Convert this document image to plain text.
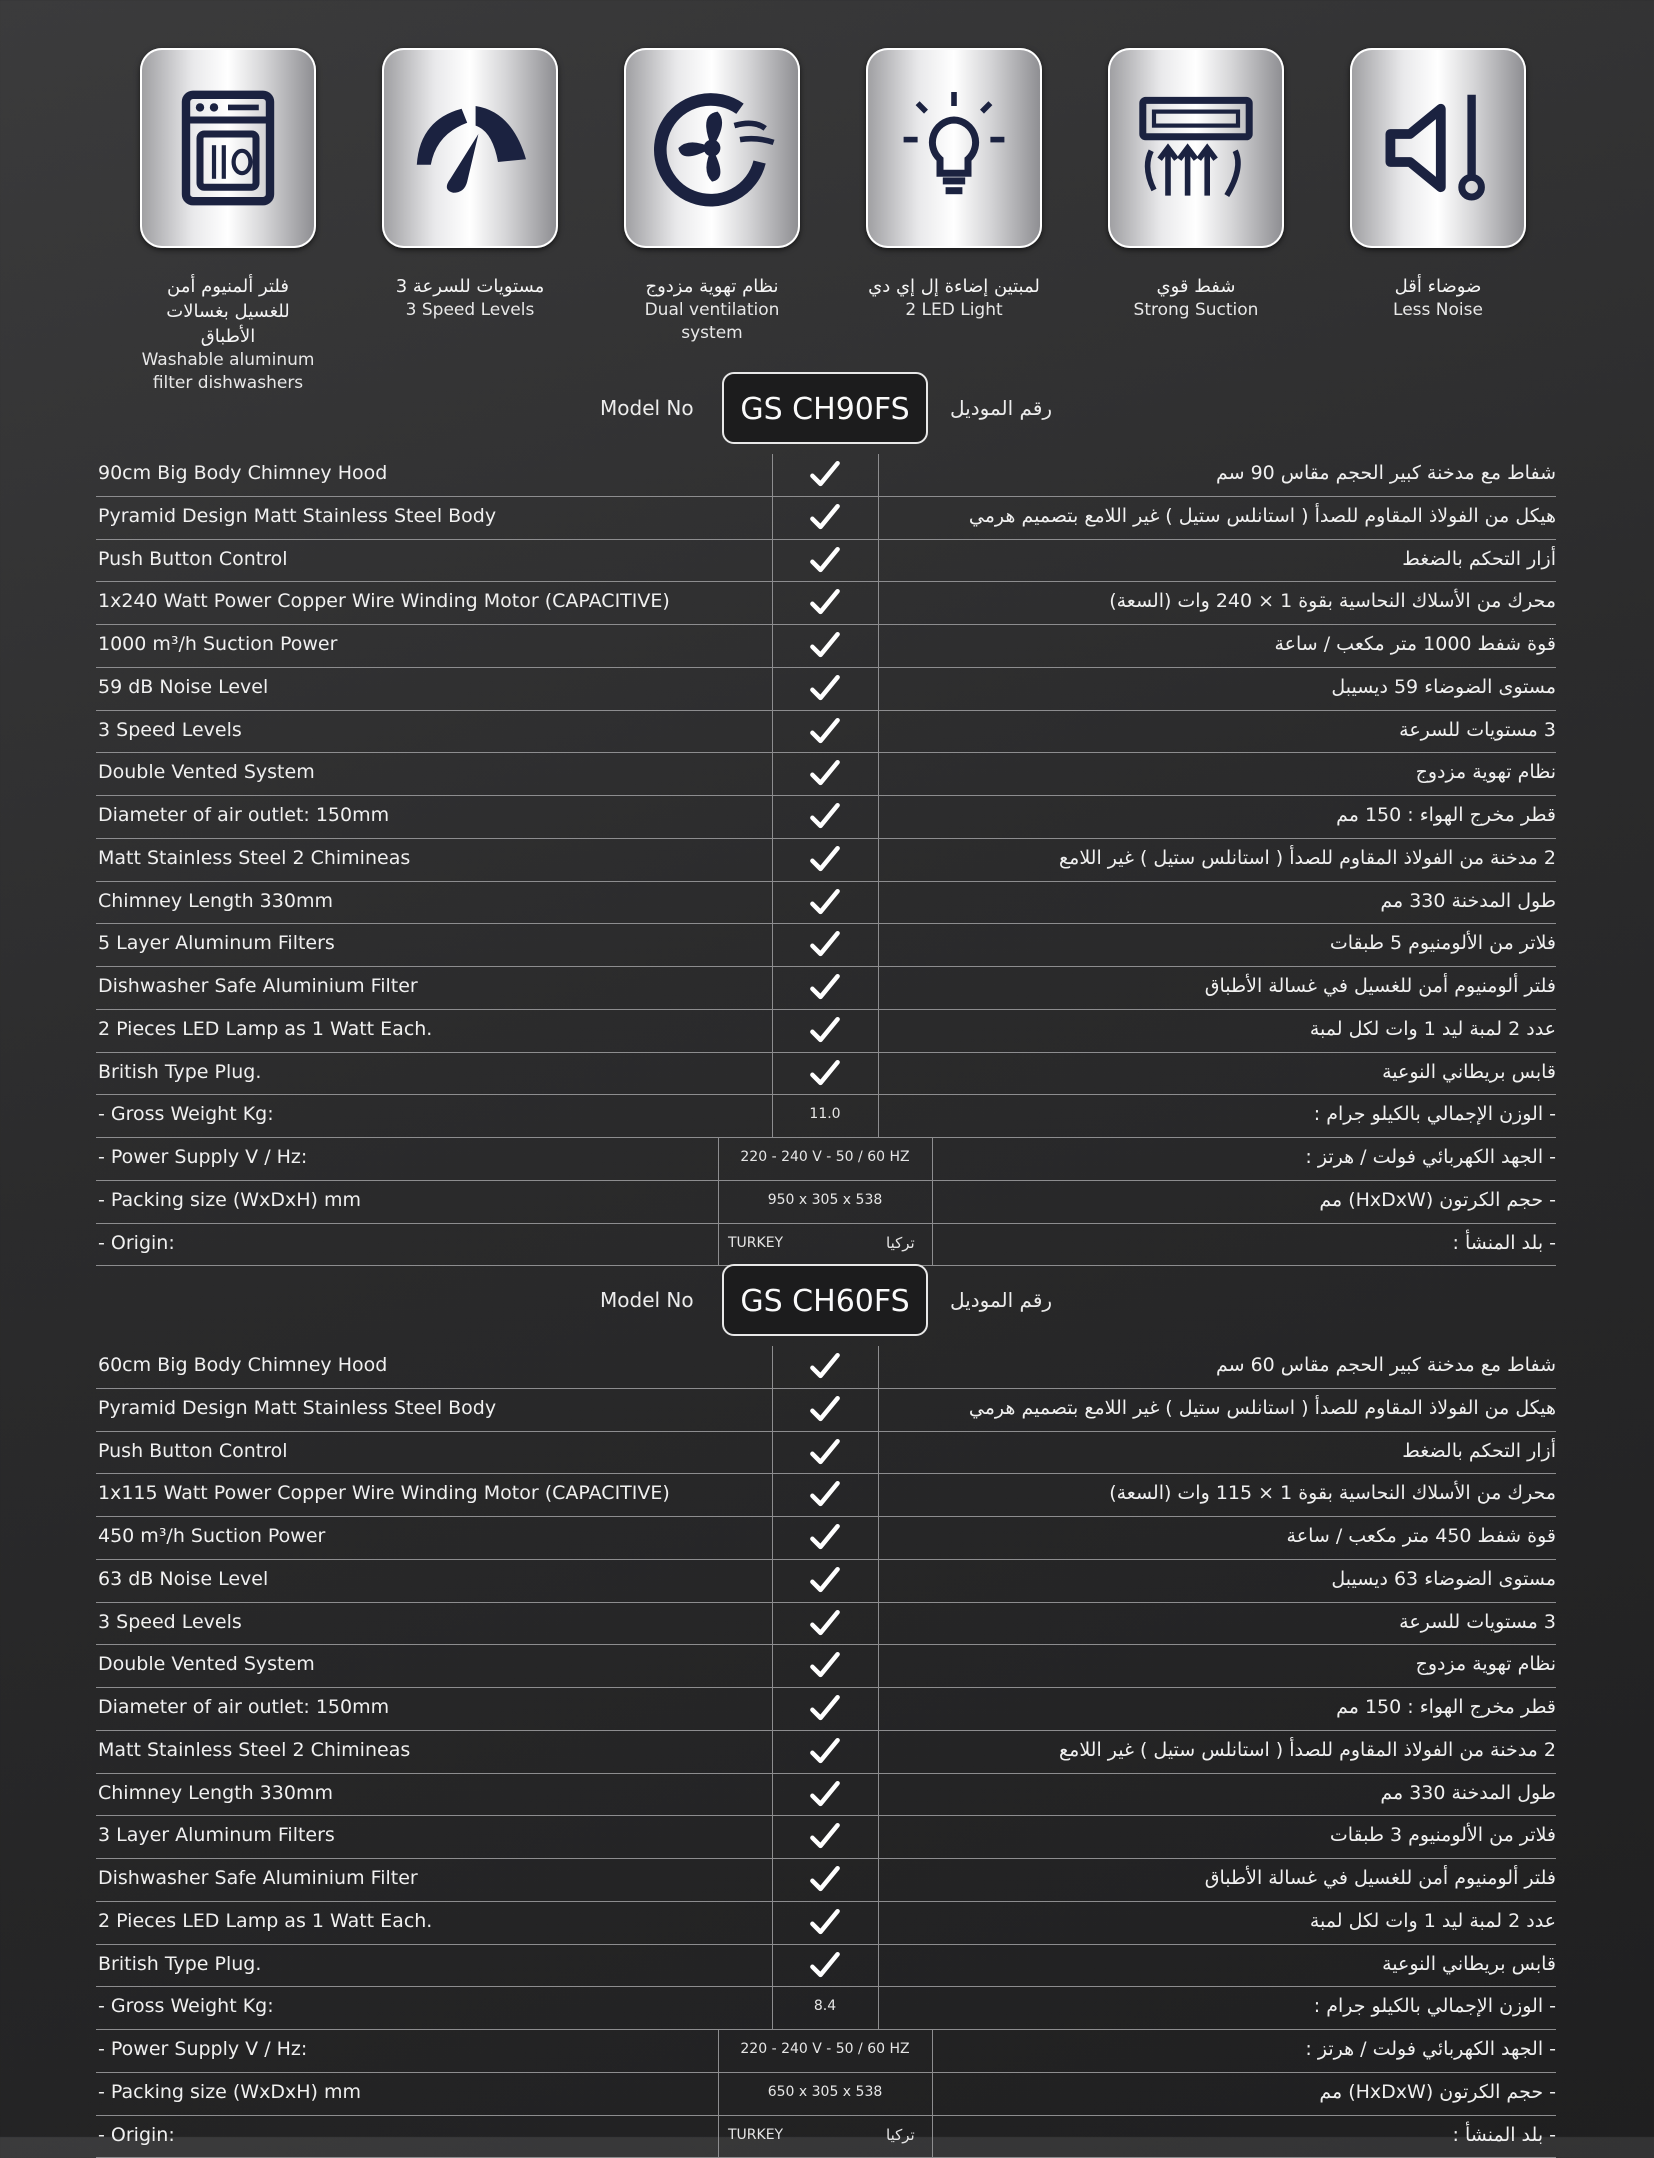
فلتر ألمنيوم أمن للغسيل بغسالات الأطباق
Washable aluminum filter dishwashers
3 مستويات للسرعة
3 Speed Levels
نظام تهوية مزدوج
Dual ventilation system
لمبتين إضاءة إل إي دي
2 LED Light
شفط قوي
Strong Suction
ضوضاء أقل
Less Noise
Model No	GS CH90FS	رقم الموديل
90cm Big Body Chimney Hood	شفاط مع مدخنة كبير الحجم مقاس 90 سم
Pyramid Design Matt Stainless Steel Body	هيكل من الفولاذ المقاوم للصدأ ( استانلس ستيل ) غير اللامع بتصميم هرمي
Push Button Control	أزار التحكم بالضغط
1x240 Watt Power Copper Wire Winding Motor (CAPACITIVE)	محرك من الأسلاك النحاسية بقوة 1 × 240 وات (السعة)
1000 m³/h Suction Power	قوة شفط 1000 متر مكعب / ساعة
59 dB Noise Level	مستوى الضوضاء 59 ديسيبل
3 Speed Levels	3 مستويات للسرعة
Double Vented System	نظام تهوية مزدوج
Diameter of air outlet: 150mm	قطر مخرج الهواء : 150 مم
Matt Stainless Steel 2 Chimineas	2 مدخنة من الفولاذ المقاوم للصدأ ( استانلس ستيل ) غير اللامع
Chimney Length 330mm	طول المدخنة 330 مم
5 Layer Aluminum Filters	فلاتر من الألومنيوم 5 طبقات
Dishwasher Safe Aluminium Filter	فلتر ألومنيوم أمن للغسيل في غسالة الأطباق
2 Pieces LED Lamp as 1 Watt Each.	عدد 2 لمبة ليد 1 وات لكل لمبة
British Type Plug.	قابس بريطاني النوعية
- Gross Weight Kg:	11.0	- الوزن الإجمالي بالكيلو جرام :
- Power Supply V / Hz:	220 - 240 V - 50 / 60 HZ	- الجهد الكهربائي فولت / هرتز :
- Packing size (WxDxH) mm	950 x 305 x 538	- حجم الكرتون (HxDxW) مم
- Origin:	TURKEY	تركيا	- بلد المنشأ :
Model No	GS CH60FS	رقم الموديل
60cm Big Body Chimney Hood	شفاط مع مدخنة كبير الحجم مقاس 60 سم
Pyramid Design Matt Stainless Steel Body	هيكل من الفولاذ المقاوم للصدأ ( استانلس ستيل ) غير اللامع بتصميم هرمي
Push Button Control	أزار التحكم بالضغط
1x115 Watt Power Copper Wire Winding Motor (CAPACITIVE)	محرك من الأسلاك النحاسية بقوة 1 × 115 وات (السعة)
450 m³/h Suction Power	قوة شفط 450 متر مكعب / ساعة
63 dB Noise Level	مستوى الضوضاء 63 ديسيبل
3 Speed Levels	3 مستويات للسرعة
Double Vented System	نظام تهوية مزدوج
Diameter of air outlet: 150mm	قطر مخرج الهواء : 150 مم
Matt Stainless Steel 2 Chimineas	2 مدخنة من الفولاذ المقاوم للصدأ ( استانلس ستيل ) غير اللامع
Chimney Length 330mm	طول المدخنة 330 مم
3 Layer Aluminum Filters	فلاتر من الألومنيوم 3 طبقات
Dishwasher Safe Aluminium Filter	فلتر ألومنيوم أمن للغسيل في غسالة الأطباق
2 Pieces LED Lamp as 1 Watt Each.	عدد 2 لمبة ليد 1 وات لكل لمبة
British Type Plug.	قابس بريطاني النوعية
- Gross Weight Kg:	8.4	- الوزن الإجمالي بالكيلو جرام :
- Power Supply V / Hz:	220 - 240 V - 50 / 60 HZ	- الجهد الكهربائي فولت / هرتز :
- Packing size (WxDxH) mm	650 x 305 x 538	- حجم الكرتون (HxDxW) مم
- Origin:	TURKEY	تركيا	- بلد المنشأ :
